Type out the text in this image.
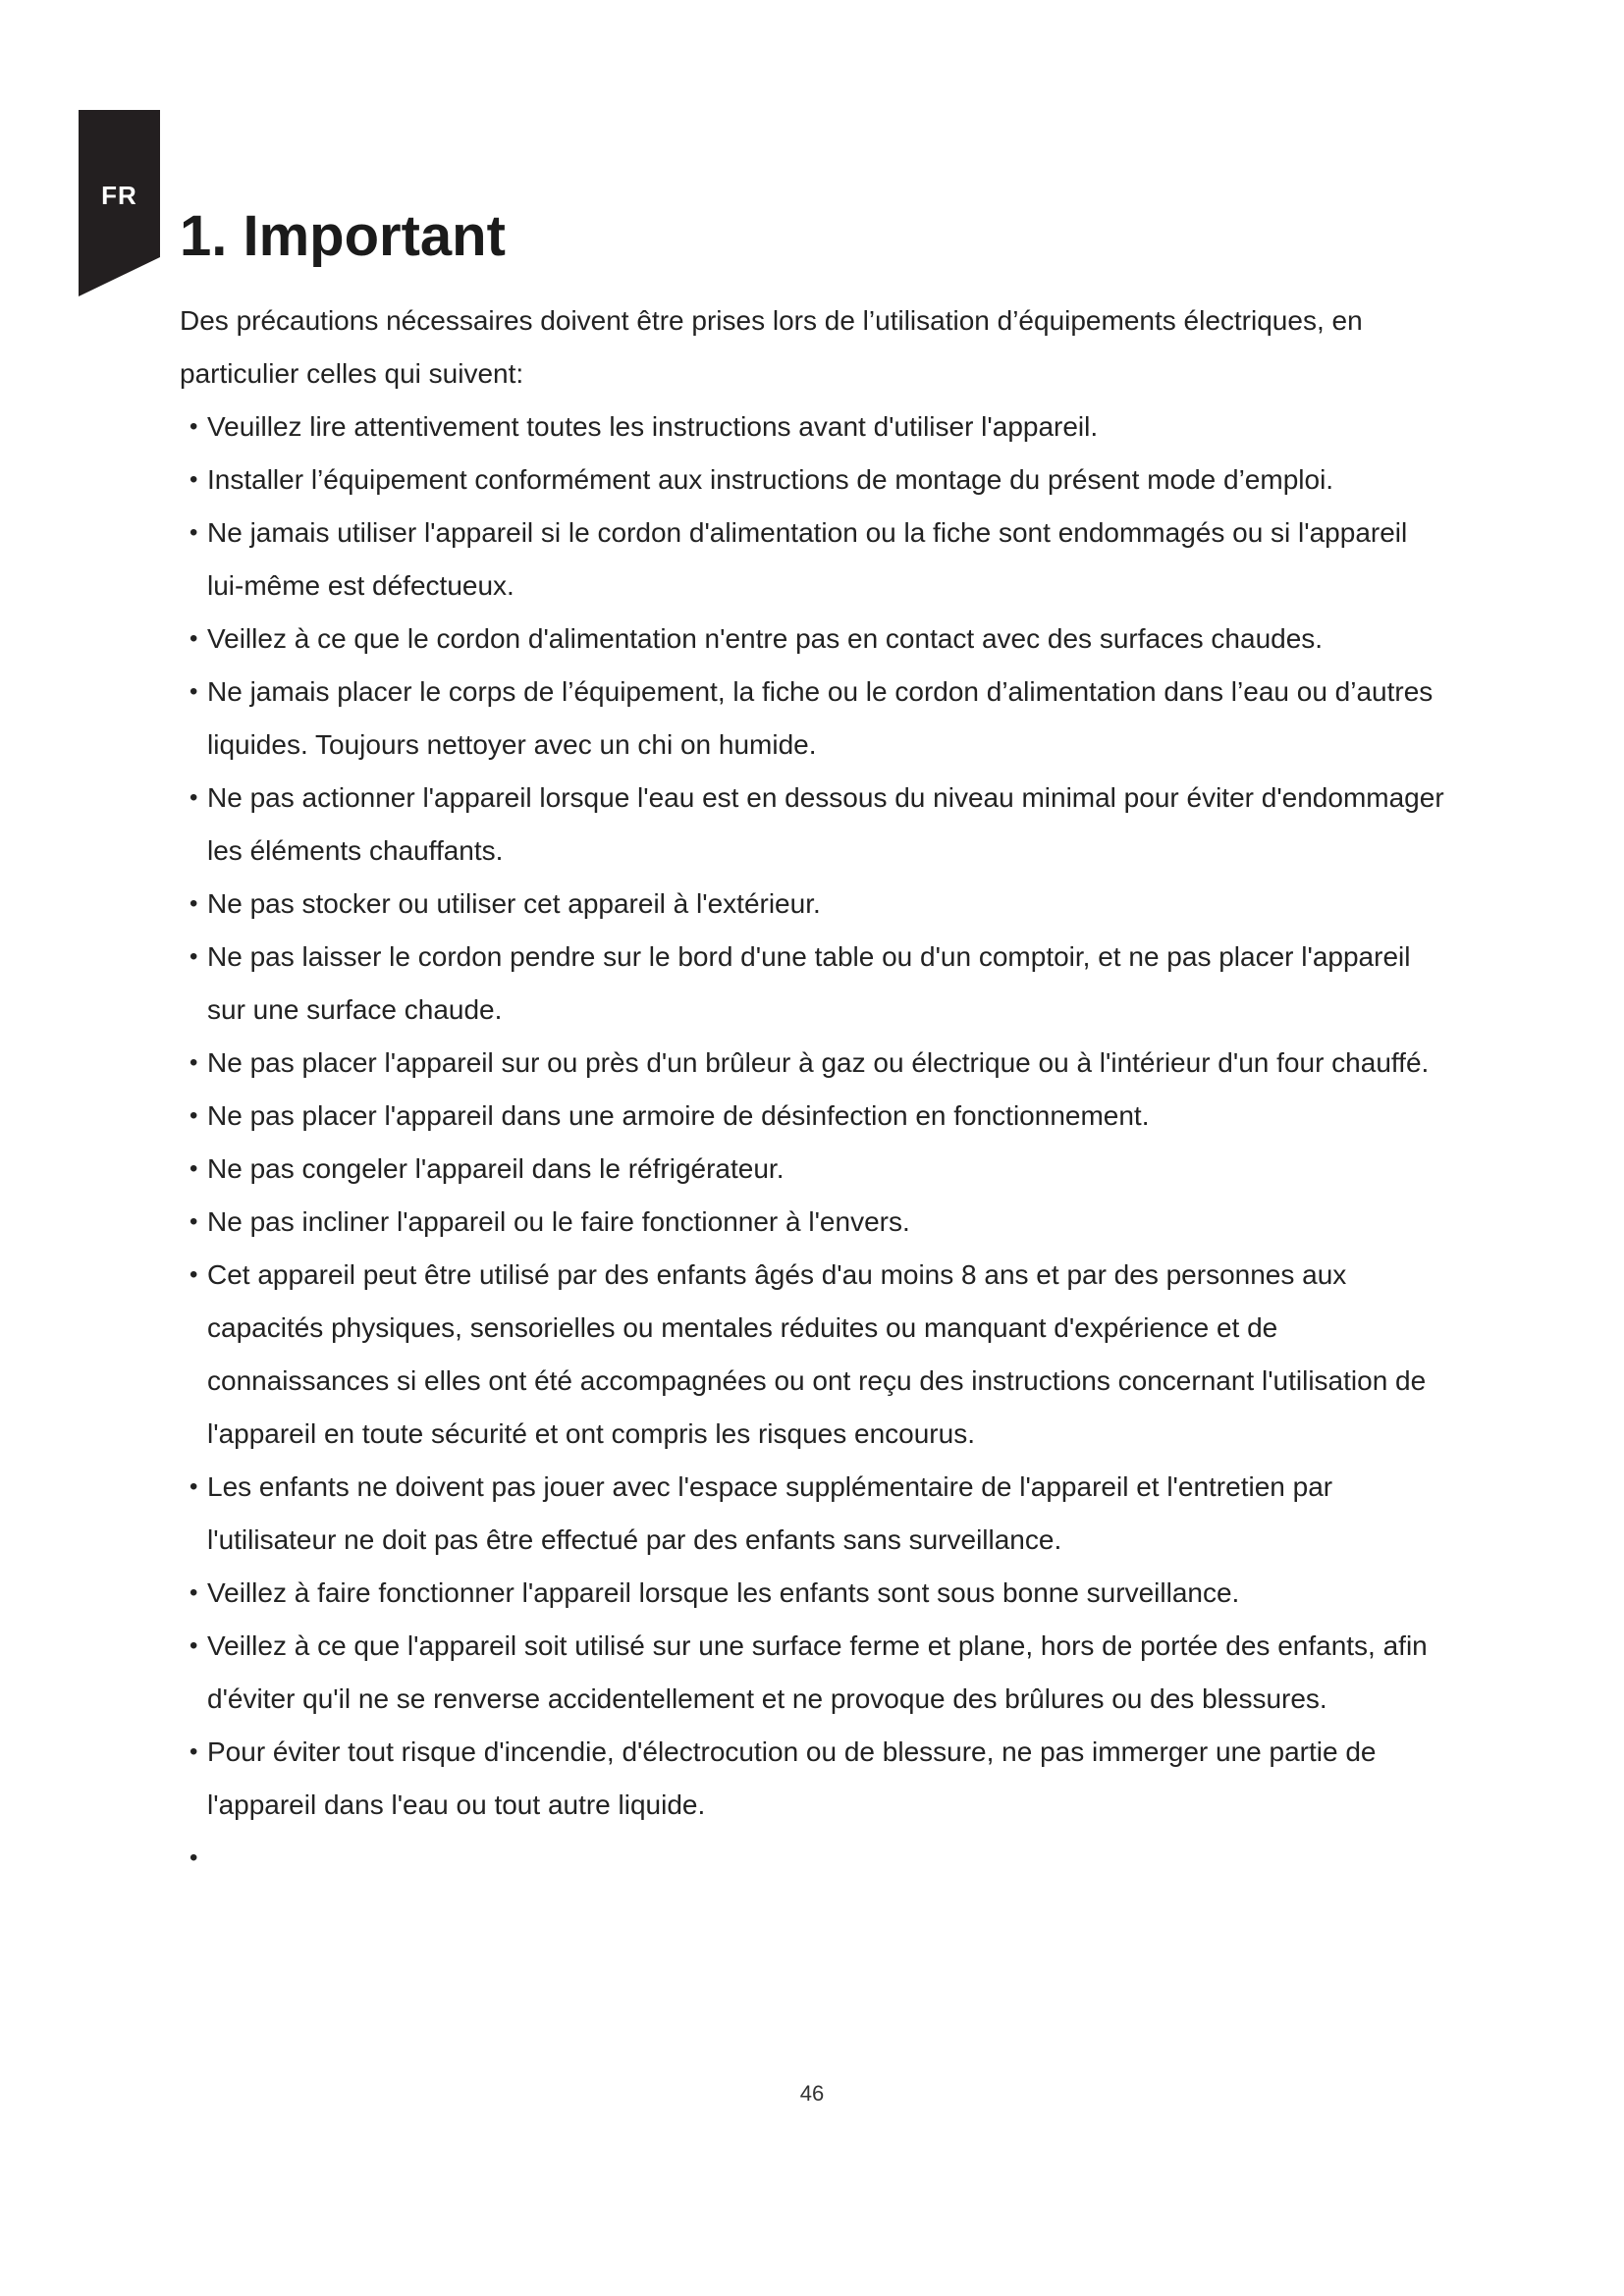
FR
1. Important

Des précautions nécessaires doivent être prises lors de l’utilisation d’équipements électriques, en particulier celles qui suivent:

• Veuillez lire attentivement toutes les instructions avant d'utiliser l'appareil.
• Installer l’équipement conformément aux instructions de montage du présent mode d’emploi.
• Ne jamais utiliser l'appareil si le cordon d'alimentation ou la fiche sont endommagés ou si l'appareil lui-même est défectueux.
• Veillez à ce que le cordon d'alimentation n'entre pas en contact avec des surfaces chaudes.
• Ne jamais placer le corps de l’équipement, la fiche ou le cordon d’alimentation dans l’eau ou d’autres liquides. Toujours nettoyer avec un chi on humide.
• Ne pas actionner l'appareil lorsque l'eau est en dessous du niveau minimal pour éviter d'endommager les éléments chauffants.
• Ne pas stocker ou utiliser cet appareil à l'extérieur.
• Ne pas laisser le cordon pendre sur le bord d'une table ou d'un comptoir, et ne pas placer l'appareil sur une surface chaude.
• Ne pas placer l'appareil sur ou près d'un brûleur à gaz ou électrique ou à l'intérieur d'un four chauffé.
• Ne pas placer l'appareil dans une armoire de désinfection en fonctionnement.
• Ne pas congeler l'appareil dans le réfrigérateur.
• Ne pas incliner l'appareil ou le faire fonctionner à l'envers.
• Cet appareil peut être utilisé par des enfants âgés d'au moins 8 ans et par des personnes aux capacités physiques, sensorielles ou mentales réduites ou manquant d'expérience et de connaissances si elles ont été accompagnées ou ont reçu des instructions concernant l'utilisation de l'appareil en toute sécurité et ont compris les risques encourus.
• Les enfants ne doivent pas jouer avec l'espace supplémentaire de l'appareil et l'entretien par l'utilisateur ne doit pas être effectué par des enfants sans surveillance.
• Veillez à faire fonctionner l'appareil lorsque les enfants sont sous bonne surveillance.
• Veillez à ce que l'appareil soit utilisé sur une surface ferme et plane, hors de portée des enfants, afin d'éviter qu'il ne se renverse accidentellement et ne provoque des brûlures ou des blessures.
• Pour éviter tout risque d'incendie, d'électrocution ou de blessure, ne pas immerger une partie de l'appareil dans l'eau ou tout autre liquide.
•
46
